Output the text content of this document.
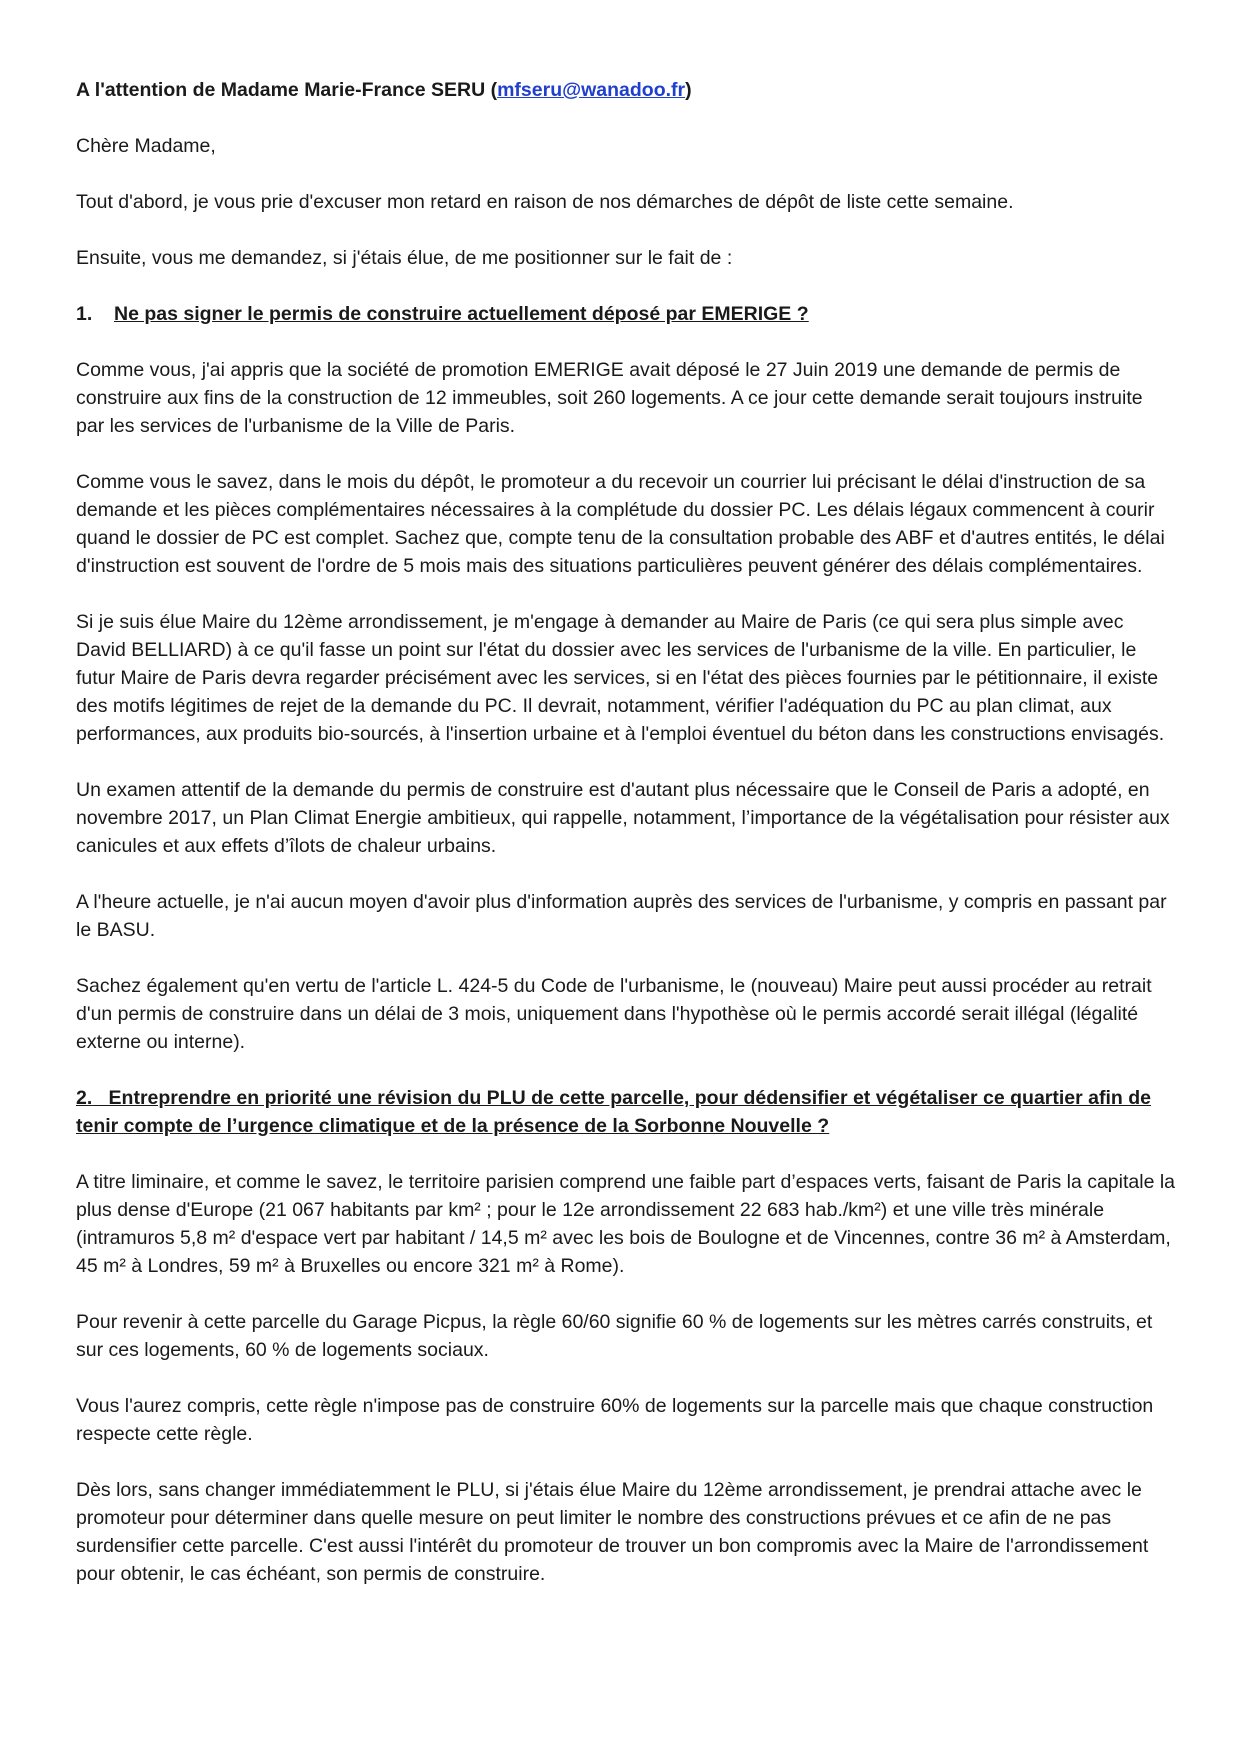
A l'attention de Madame Marie-France SERU (mfseru@wanadoo.fr)

Chère Madame,

Tout d'abord, je vous prie d'excuser mon retard en raison de nos démarches de dépôt de liste cette semaine.

Ensuite, vous me demandez, si j'étais élue, de me positionner sur le fait de :

1. Ne pas signer le permis de construire actuellement déposé par EMERIGE ?

Comme vous, j'ai appris que la société de promotion EMERIGE avait déposé le 27 Juin 2019 une demande de permis de construire aux fins de la construction de 12 immeubles, soit 260 logements. A ce jour cette demande serait toujours instruite par les services de l'urbanisme de la Ville de Paris.

Comme vous le savez, dans le mois du dépôt, le promoteur a du recevoir un courrier lui précisant le délai d'instruction de sa demande et les pièces complémentaires nécessaires à la complétude du dossier PC. Les délais légaux commencent à courir quand le dossier de PC est complet. Sachez que, compte tenu de la consultation probable des ABF et d'autres entités, le délai d'instruction est souvent de l'ordre de 5 mois mais des situations particulières peuvent générer des délais complémentaires.

Si je suis élue Maire du 12ème arrondissement, je m'engage à demander au Maire de Paris (ce qui sera plus simple avec David BELLIARD) à ce qu'il fasse un point sur l'état du dossier avec les services de l'urbanisme de la ville. En particulier, le futur Maire de Paris devra regarder précisément avec les services, si en l'état des pièces fournies par le pétitionnaire, il existe des motifs légitimes de rejet de la demande du PC. Il devrait, notamment, vérifier l'adéquation du PC au plan climat, aux performances, aux produits bio-sourcés, à l'insertion urbaine et à l'emploi éventuel du béton dans les constructions envisagés.

Un examen attentif de la demande du permis de construire est d'autant plus nécessaire que le Conseil de Paris a adopté, en novembre 2017, un Plan Climat Energie ambitieux, qui rappelle, notamment, l’importance de la végétalisation pour résister aux canicules et aux effets d’îlots de chaleur urbains.

A l'heure actuelle, je n'ai aucun moyen d'avoir plus d'information auprès des services de l'urbanisme, y compris en passant par le BASU.

Sachez également qu'en vertu de l'article L. 424-5 du Code de l'urbanisme, le (nouveau) Maire peut aussi procéder au retrait d'un permis de construire dans un délai de 3 mois, uniquement dans l'hypothèse où le permis accordé serait illégal (légalité externe ou interne).

2. Entreprendre en priorité une révision du PLU de cette parcelle, pour dédensifier et végétaliser ce quartier afin de tenir compte de l’urgence climatique et de la présence de la Sorbonne Nouvelle ?

A titre liminaire, et comme le savez, le territoire parisien comprend une faible part d’espaces verts, faisant de Paris la capitale la plus dense d'Europe (21 067 habitants par km² ; pour le 12e arrondissement 22 683 hab./km²) et une ville très minérale (intramuros 5,8 m² d'espace vert par habitant / 14,5 m² avec les bois de Boulogne et de Vincennes, contre 36 m² à Amsterdam, 45 m² à Londres, 59 m² à Bruxelles ou encore 321 m² à Rome).

Pour revenir à cette parcelle du Garage Picpus, la règle 60/60 signifie 60 % de logements sur les mètres carrés construits, et sur ces logements, 60 % de logements sociaux.

Vous l'aurez compris, cette règle n'impose pas de construire 60% de logements sur la parcelle mais que chaque construction respecte cette règle.

Dès lors, sans changer immédiatemment le PLU, si j'étais élue Maire du 12ème arrondissement, je prendrai attache avec le promoteur pour déterminer dans quelle mesure on peut limiter le nombre des constructions prévues et ce afin de ne pas surdensifier cette parcelle. C'est aussi l'intérêt du promoteur de trouver un bon compromis avec la Maire de l'arrondissement pour obtenir, le cas échéant, son permis de construire.
